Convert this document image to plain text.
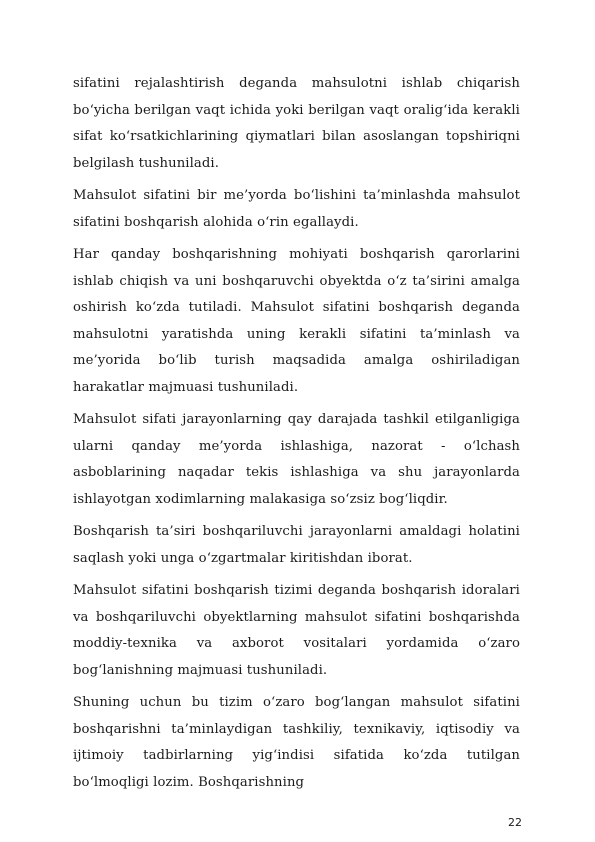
sifatini rejalashtirish deganda mahsulotni ishlab chiqarish bo‘yicha berilgan vaqt ichida yoki berilgan vaqt oralig‘ida kerakli sifat ko‘rsatkichlarining qiymatlari bilan asoslangan topshiriqni belgilash tushuniladi.

Mahsulot sifatini bir me’yorda bo‘lishini ta’minlashda mahsulot sifatini boshqarish alohida o‘rin egallaydi.

Har qanday boshqarishning mohiyati boshqarish qarorlarini ishlab chiqish va uni boshqaruvchi obyektda o‘z ta’sirini amalga oshirish ko‘zda tutiladi. Mahsulot sifatini boshqarish deganda mahsulotni yaratishda uning kerakli sifatini ta’minlash va me’yorida bo‘lib turish maqsadida amalga oshiriladigan harakatlar majmuasi tushuniladi.

Mahsulot sifati jarayonlarning qay darajada tashkil etilganligiga ularni qanday me’yorda ishlashiga, nazorat - o‘lchash asboblarining naqadar tekis ishlashiga va shu jarayonlarda ishlayotgan xodimlarning malakasiga so‘zsiz bog‘liqdir.

Boshqarish ta’siri boshqariluvchi jarayonlarni amaldagi holatini saqlash yoki unga o‘zgartmalar kiritishdan iborat.

Mahsulot sifatini boshqarish tizimi deganda boshqarish idoralari va boshqariluvchi obyektlarning mahsulot sifatini boshqarishda moddiy-texnika va axborot vositalari yordamida o‘zaro bog‘lanishning majmuasi tushuniladi.

Shuning uchun bu tizim o‘zaro bog‘langan mahsulot sifatini boshqarishni ta’minlaydigan tashkiliy, texnikaviy, iqtisodiy va ijtimoiy tadbirlarning yig‘indisi sifatida ko‘zda tutilgan bo‘lmoqligi lozim. Boshqarishning

22
